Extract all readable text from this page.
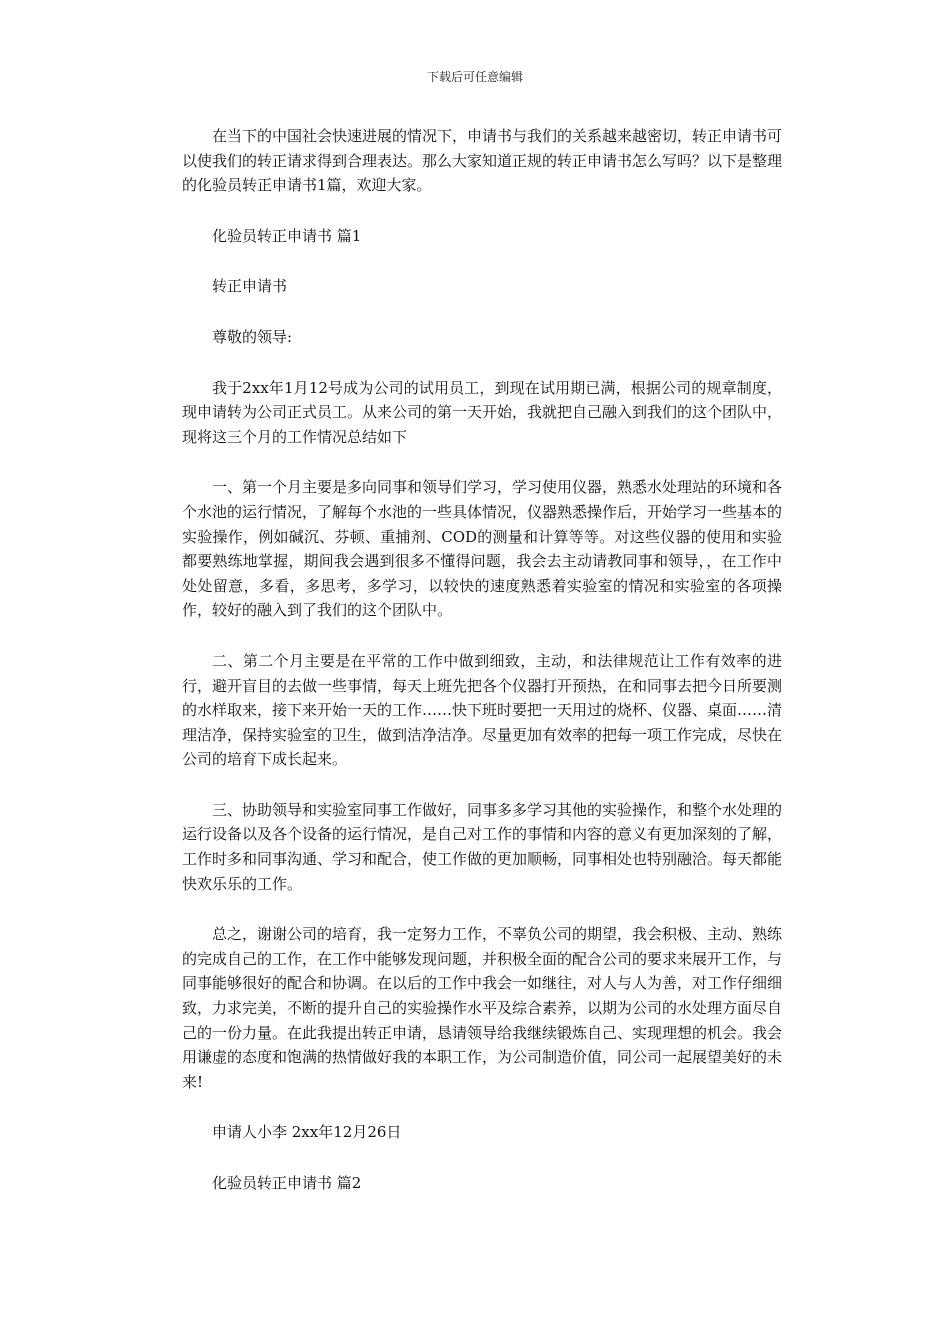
下载后可任意编辑

在当下的中国社会快速进展的情况下，申请书与我们的关系越来越密切，转正申请书可以使我们的转正请求得到合理表达。那么大家知道正规的转正申请书怎么写吗？以下是整理的化验员转正申请书1篇，欢迎大家。

化验员转正申请书 篇1

转正申请书

尊敬的领导:

我于2xx年1月12号成为公司的试用员工，到现在试用期已满，根据公司的规章制度，现申请转为公司正式员工。从来公司的第一天开始，我就把自己融入到我们的这个团队中，现将这三个月的工作情况总结如下

一、第一个月主要是多向同事和领导们学习，学习使用仪器，熟悉水处理站的环境和各个水池的运行情况，了解每个水池的一些具体情况，仪器熟悉操作后，开始学习一些基本的实验操作，例如碱沉、芬顿、重捕剂、COD的测量和计算等等。对这些仪器的使用和实验都要熟练地掌握，期间我会遇到很多不懂得问题，我会去主动请教同事和领导，，在工作中处处留意，多看，多思考，多学习，以较快的速度熟悉着实验室的情况和实验室的各项操作，较好的融入到了我们的这个团队中。

二、第二个月主要是在平常的工作中做到细致，主动，和法律规范让工作有效率的进行，避开盲目的去做一些事情，每天上班先把各个仪器打开预热，在和同事去把今日所要测的水样取来，接下来开始一天的工作……快下班时要把一天用过的烧杯、仪器、桌面……清理洁净，保持实验室的卫生，做到洁净洁净。尽量更加有效率的把每一项工作完成，尽快在公司的培育下成长起来。

三、协助领导和实验室同事工作做好，同事多多学习其他的实验操作，和整个水处理的运行设备以及各个设备的运行情况，是自己对工作的事情和内容的意义有更加深刻的了解，工作时多和同事沟通、学习和配合，使工作做的更加顺畅，同事相处也特别融洽。每天都能快欢乐乐的工作。

总之，谢谢公司的培育，我一定努力工作，不辜负公司的期望，我会积极、主动、熟练的完成自己的工作，在工作中能够发现问题，并积极全面的配合公司的要求来展开工作，与同事能够很好的配合和协调。在以后的工作中我会一如继往，对人与人为善，对工作仔细细致，力求完美，不断的提升自己的实验操作水平及综合素养，以期为公司的水处理方面尽自己的一份力量。在此我提出转正申请，恳请领导给我继续锻炼自己、实现理想的机会。我会用谦虚的态度和饱满的热情做好我的本职工作，为公司制造价值，同公司一起展望美好的未来!

申请人小李 2xx年12月26日

化验员转正申请书 篇2
